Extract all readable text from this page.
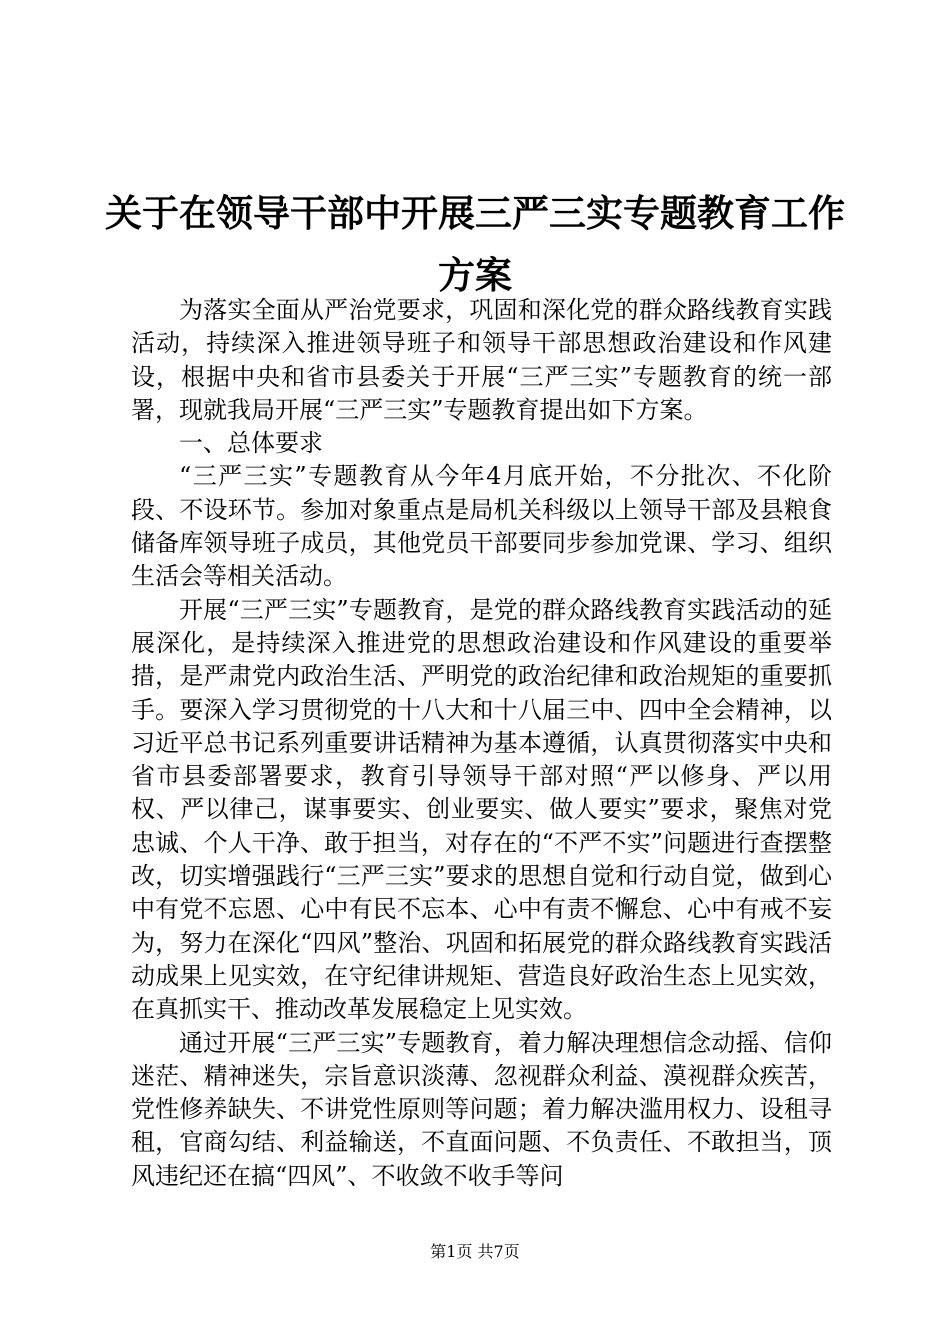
关于在领导干部中开展三严三实专题教育工作方案

为落实全面从严治党要求，巩固和深化党的群众路线教育实践活动，持续深入推进领导班子和领导干部思想政治建设和作风建设，根据中央和省市县委关于开展“三严三实”专题教育的统一部署，现就我局开展“三严三实”专题教育提出如下方案。

一、总体要求

“三严三实”专题教育从今年4月底开始，不分批次、不化阶段、不设环节。参加对象重点是局机关科级以上领导干部及县粮食储备库领导班子成员，其他党员干部要同步参加党课、学习、组织生活会等相关活动。

开展“三严三实”专题教育，是党的群众路线教育实践活动的延展深化，是持续深入推进党的思想政治建设和作风建设的重要举措，是严肃党内政治生活、严明党的政治纪律和政治规矩的重要抓手。要深入学习贯彻党的十八大和十八届三中、四中全会精神，以习近平总书记系列重要讲话精神为基本遵循，认真贯彻落实中央和省市县委部署要求，教育引导领导干部对照“严以修身、严以用权、严以律己，谋事要实、创业要实、做人要实”要求，聚焦对党忠诚、个人干净、敢于担当，对存在的“不严不实”问题进行查摆整改，切实增强践行“三严三实”要求的思想自觉和行动自觉，做到心中有党不忘恩、心中有民不忘本、心中有责不懈怠、心中有戒不妄为，努力在深化“四风”整治、巩固和拓展党的群众路线教育实践活动成果上见实效，在守纪律讲规矩、营造良好政治生态上见实效，在真抓实干、推动改革发展稳定上见实效。

通过开展“三严三实”专题教育，着力解决理想信念动摇、信仰迷茫、精神迷失，宗旨意识淡薄、忽视群众利益、漠视群众疾苦，党性修养缺失、不讲党性原则等问题；着力解决滥用权力、设租寻租，官商勾结、利益输送，不直面问题、不负责任、不敢担当，顶风违纪还在搞“四风”、不收敛不收手等问

第1页 共7页
